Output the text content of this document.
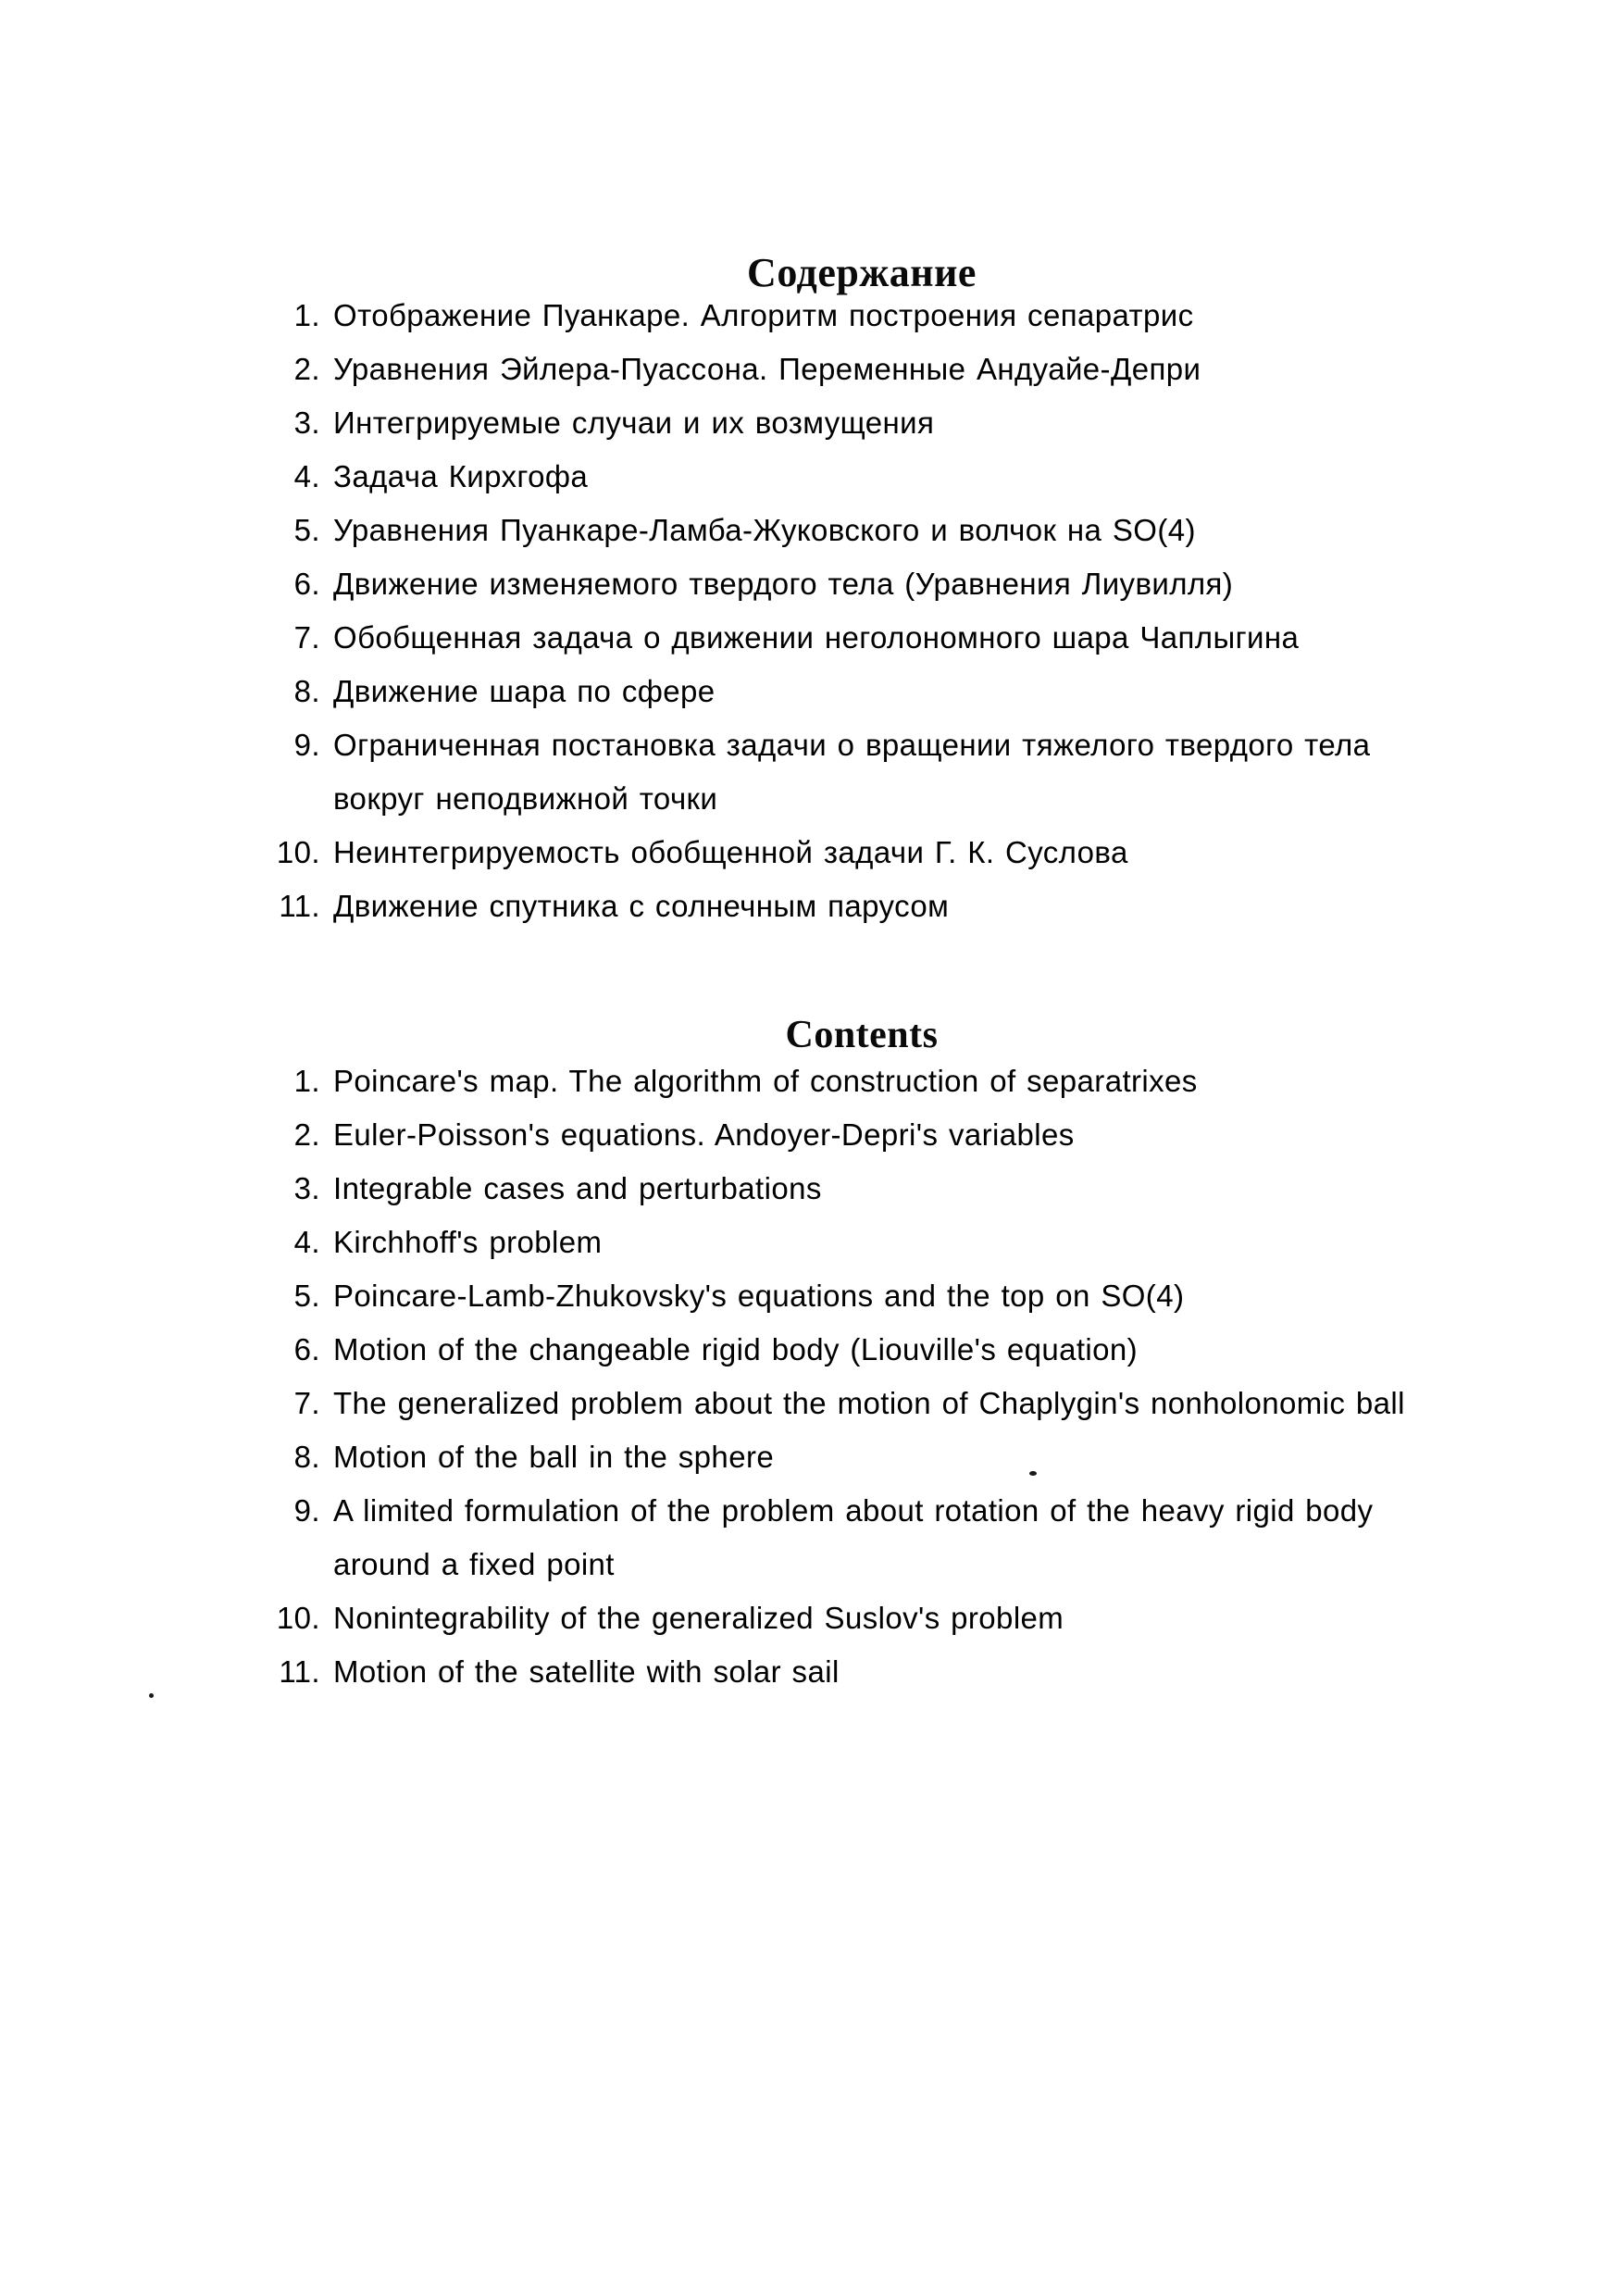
Содержание
1. Отображение Пуанкаре. Алгоритм построения сепаратрис
2. Уравнения Эйлера-Пуассона. Переменные Андуайе-Депри
3. Интегрируемые случаи и их возмущения
4. Задача Кирхгофа
5. Уравнения Пуанкаре-Ламба-Жуковского и волчок на SO(4)
6. Движение изменяемого твердого тела (Уравнения Лиувилля)
7. Обобщенная задача о движении неголономного шара Чаплыгина
8. Движение шара по сфере
9. Ограниченная постановка задачи о вращении тяжелого твердого тела
вокруг неподвижной точки
10. Неинтегрируемость обобщенной задачи Г. К. Суслова
11. Движение спутника с солнечным парусом
Contents
1. Poincare's map. The algorithm of construction of separatrixes
2. Euler-Poisson's equations. Andoyer-Depri's variables
3. Integrable cases and perturbations
4. Kirchhoff's problem
5. Poincare-Lamb-Zhukovsky's equations and the top on SO(4)
6. Motion of the changeable rigid body (Liouville's equation)
7. The generalized problem about the motion of Chaplygin's nonholonomic ball
8. Motion of the ball in the sphere
9. A limited formulation of the problem about rotation of the heavy rigid body
around a fixed point
10. Nonintegrability of the generalized Suslov's problem
11. Motion of the satellite with solar sail
